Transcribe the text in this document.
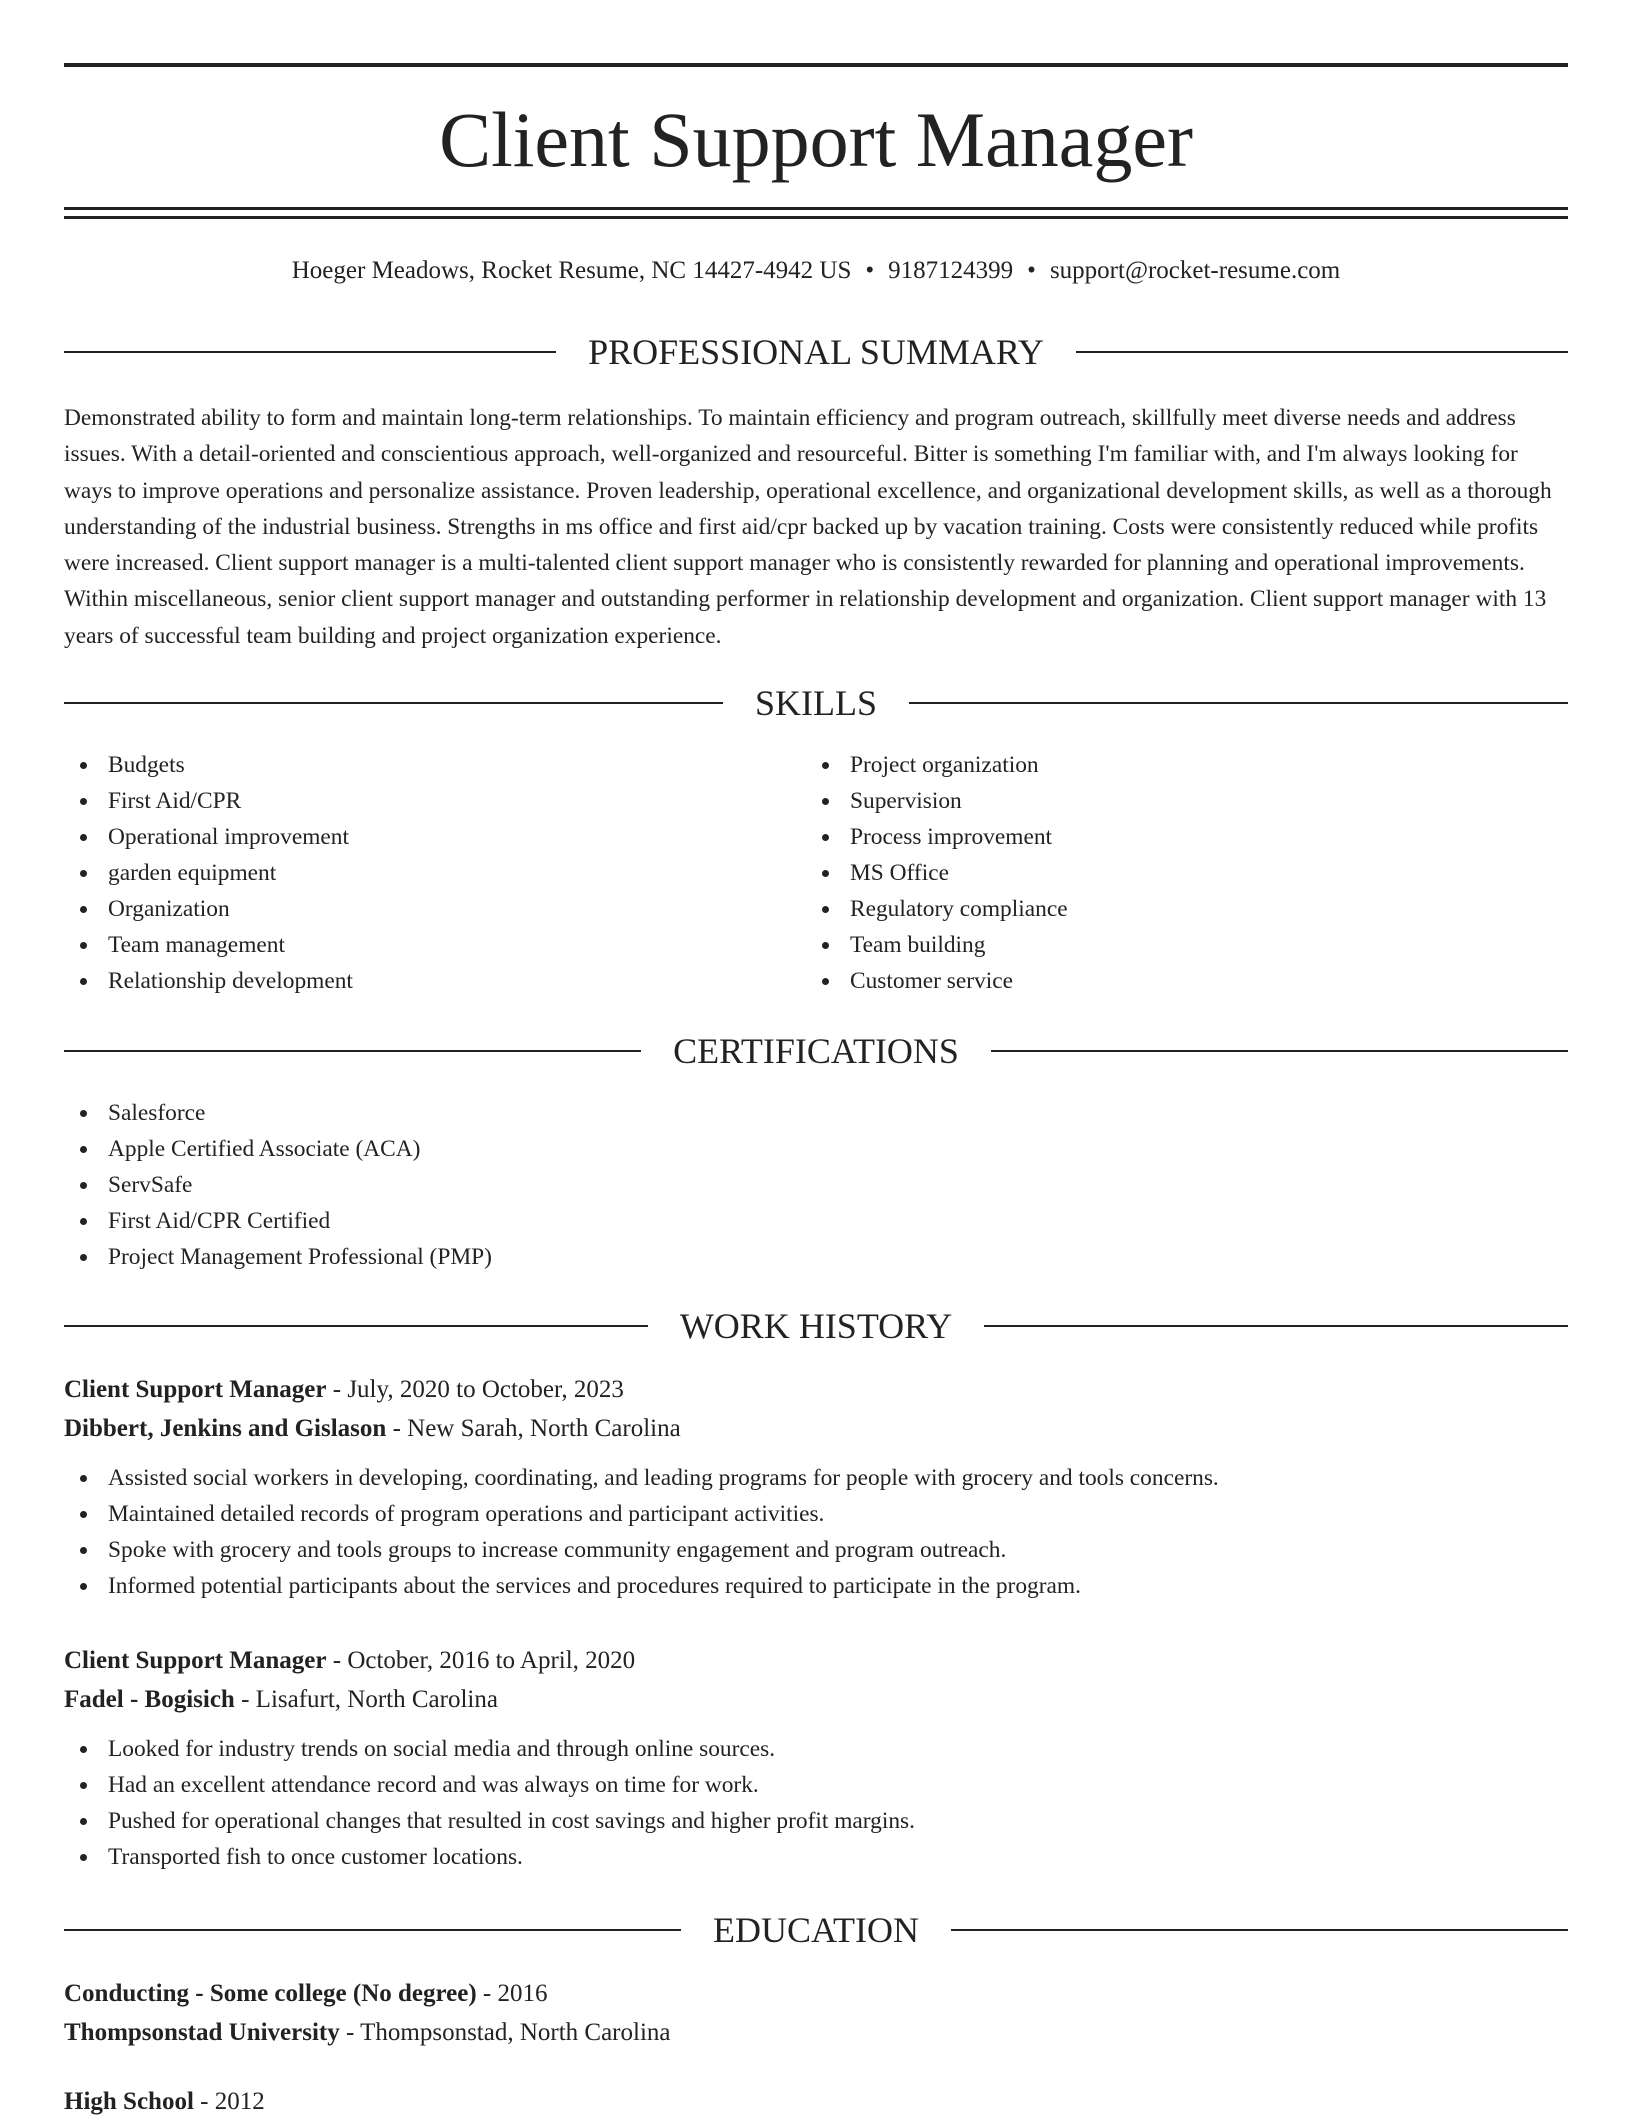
Client Support Manager
Hoeger Meadows, Rocket Resume, NC 14427-4942 US • 9187124399 • support@rocket-resume.com
PROFESSIONAL SUMMARY

Demonstrated ability to form and maintain long-term relationships. To maintain efficiency and program outreach, skillfully meet diverse needs and address issues. With a detail-oriented and conscientious approach, well-organized and resourceful. Bitter is something I'm familiar with, and I'm always looking for ways to improve operations and personalize assistance. Proven leadership, operational excellence, and organizational development skills, as well as a thorough understanding of the industrial business. Strengths in ms office and first aid/cpr backed up by vacation training. Costs were consistently reduced while profits were increased. Client support manager is a multi-talented client support manager who is consistently rewarded for planning and operational improvements. Within miscellaneous, senior client support manager and outstanding performer in relationship development and organization. Client support manager with 13 years of successful team building and project organization experience.

SKILLS
Budgets
First Aid/CPR
Operational improvement
garden equipment
Organization
Team management
Relationship development
Project organization
Supervision
Process improvement
MS Office
Regulatory compliance
Team building
Customer service
CERTIFICATIONS
Salesforce
Apple Certified Associate (ACA)
ServSafe
First Aid/CPR Certified
Project Management Professional (PMP)
WORK HISTORY
Client Support Manager - July, 2020 to October, 2023
Dibbert, Jenkins and Gislason - New Sarah, North Carolina
Assisted social workers in developing, coordinating, and leading programs for people with grocery and tools concerns.
Maintained detailed records of program operations and participant activities.
Spoke with grocery and tools groups to increase community engagement and program outreach.
Informed potential participants about the services and procedures required to participate in the program.
Client Support Manager - October, 2016 to April, 2020
Fadel - Bogisich - Lisafurt, North Carolina
Looked for industry trends on social media and through online sources.
Had an excellent attendance record and was always on time for work.
Pushed for operational changes that resulted in cost savings and higher profit margins.
Transported fish to once customer locations.
EDUCATION
Conducting - Some college (No degree) - 2016
Thompsonstad University - Thompsonstad, North Carolina
High School - 2012
